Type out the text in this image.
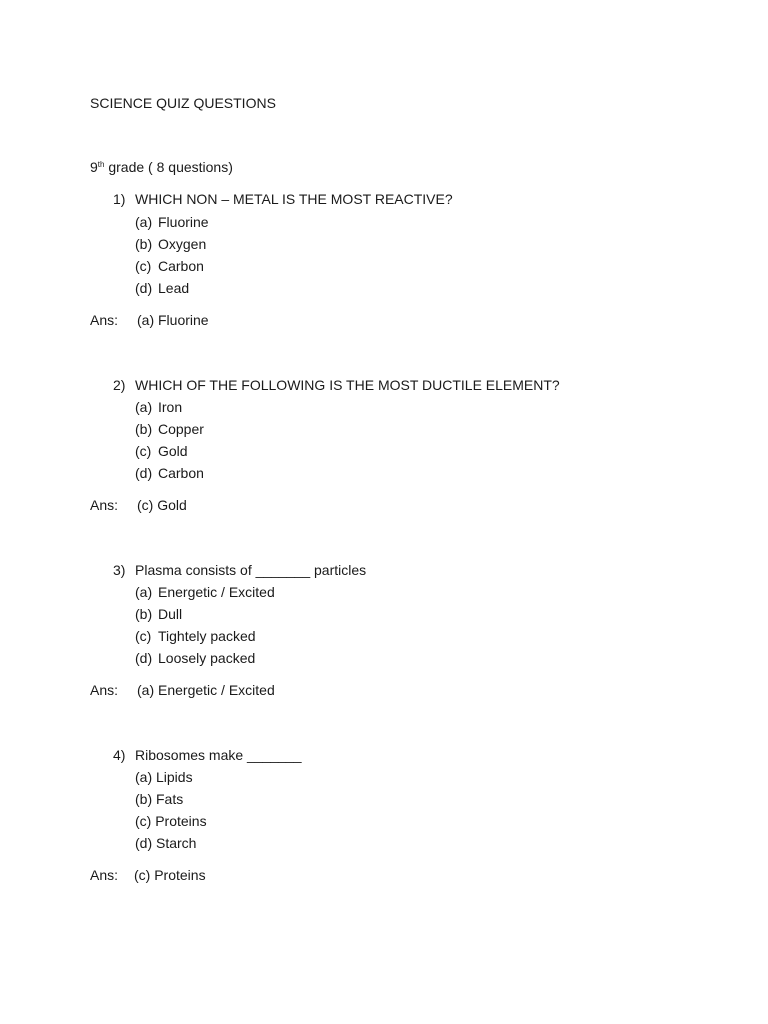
SCIENCE QUIZ QUESTIONS
9th grade ( 8 questions)
1) WHICH NON – METAL IS THE MOST REACTIVE?
(a) Fluorine
(b) Oxygen
(c) Carbon
(d) Lead
Ans: (a) Fluorine
2) WHICH OF THE FOLLOWING IS THE MOST DUCTILE ELEMENT?
(a) Iron
(b) Copper
(c) Gold
(d) Carbon
Ans: (c) Gold
3) Plasma consists of _______ particles
(a) Energetic / Excited
(b) Dull
(c) Tightely packed
(d) Loosely packed
Ans: (a) Energetic / Excited
4) Ribosomes make _______
(a) Lipids
(b) Fats
(c) Proteins
(d) Starch
Ans: (c) Proteins
